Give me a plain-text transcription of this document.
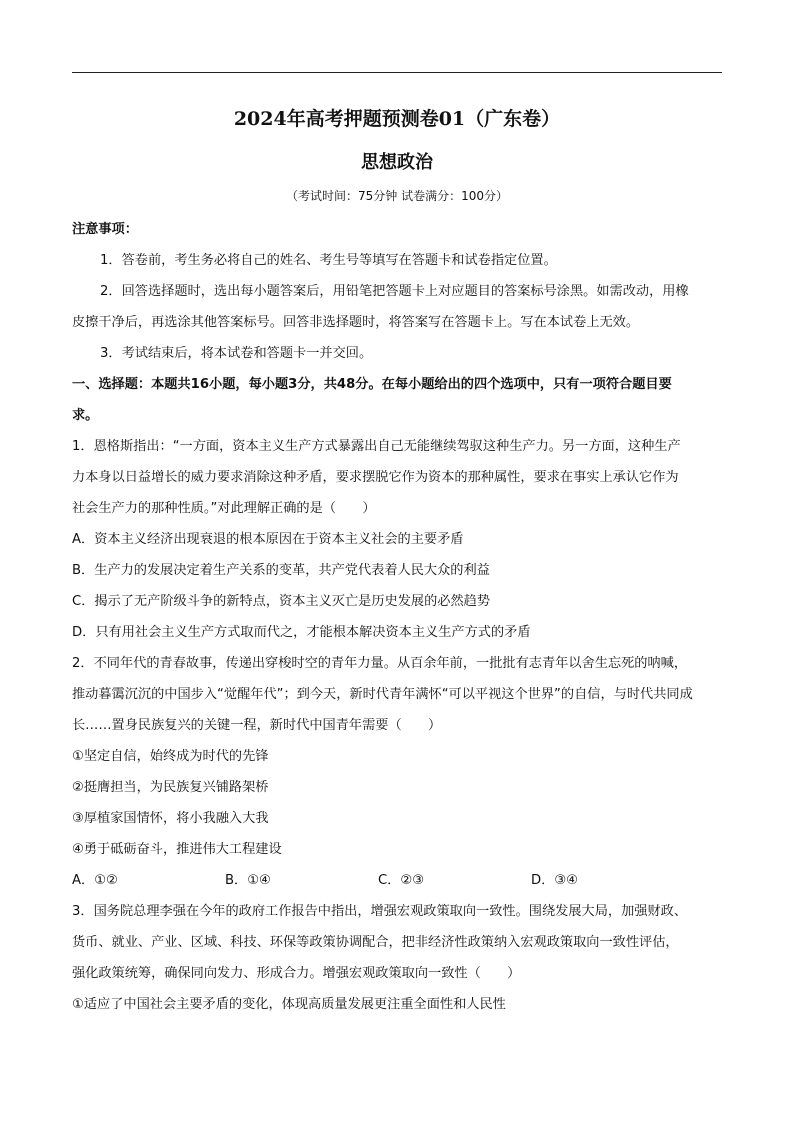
2024年高考押题预测卷01（广东卷）
思想政治
（考试时间：75分钟 试卷满分：100分）

注意事项：

1．答卷前，考生务必将自己的姓名、考生号等填写在答题卡和试卷指定位置。

2．回答选择题时，选出每小题答案后，用铅笔把答题卡上对应题目的答案标号涂黑。如需改动，用橡

皮擦干净后，再选涂其他答案标号。回答非选择题时，将答案写在答题卡上。写在本试卷上无效。

3．考试结束后，将本试卷和答题卡一并交回。

一、选择题：本题共16小题，每小题3分，共48分。在每小题给出的四个选项中，只有一项符合题目要

求。

1．恩格斯指出：“一方面，资本主义生产方式暴露出自己无能继续驾驭这种生产力。另一方面，这种生产

力本身以日益增长的威力要求消除这种矛盾，要求摆脱它作为资本的那种属性，要求在事实上承认它作为

社会生产力的那种性质。”对此理解正确的是（　　）

A．资本主义经济出现衰退的根本原因在于资本主义社会的主要矛盾

B．生产力的发展决定着生产关系的变革，共产党代表着人民大众的利益

C．揭示了无产阶级斗争的新特点，资本主义灭亡是历史发展的必然趋势

D．只有用社会主义生产方式取而代之，才能根本解决资本主义生产方式的矛盾

2．不同年代的青春故事，传递出穿梭时空的青年力量。从百余年前，一批批有志青年以舍生忘死的呐喊，

推动暮霭沉沉的中国步入“觉醒年代”；到今天，新时代青年满怀“可以平视这个世界”的自信，与时代共同成

长……置身民族复兴的关键一程，新时代中国青年需要（　　）

①坚定自信，始终成为时代的先锋

②挺膺担当，为民族复兴铺路架桥

③厚植家国情怀，将小我融入大我

④勇于砥砺奋斗，推进伟大工程建设

A．①②	B．①④	C．②③	D．③④

3．国务院总理李强在今年的政府工作报告中指出，增强宏观政策取向一致性。围绕发展大局，加强财政、

货币、就业、产业、区域、科技、环保等政策协调配合，把非经济性政策纳入宏观政策取向一致性评估，

强化政策统筹，确保同向发力、形成合力。增强宏观政策取向一致性（　　）

①适应了中国社会主要矛盾的变化，体现高质量发展更注重全面性和人民性
